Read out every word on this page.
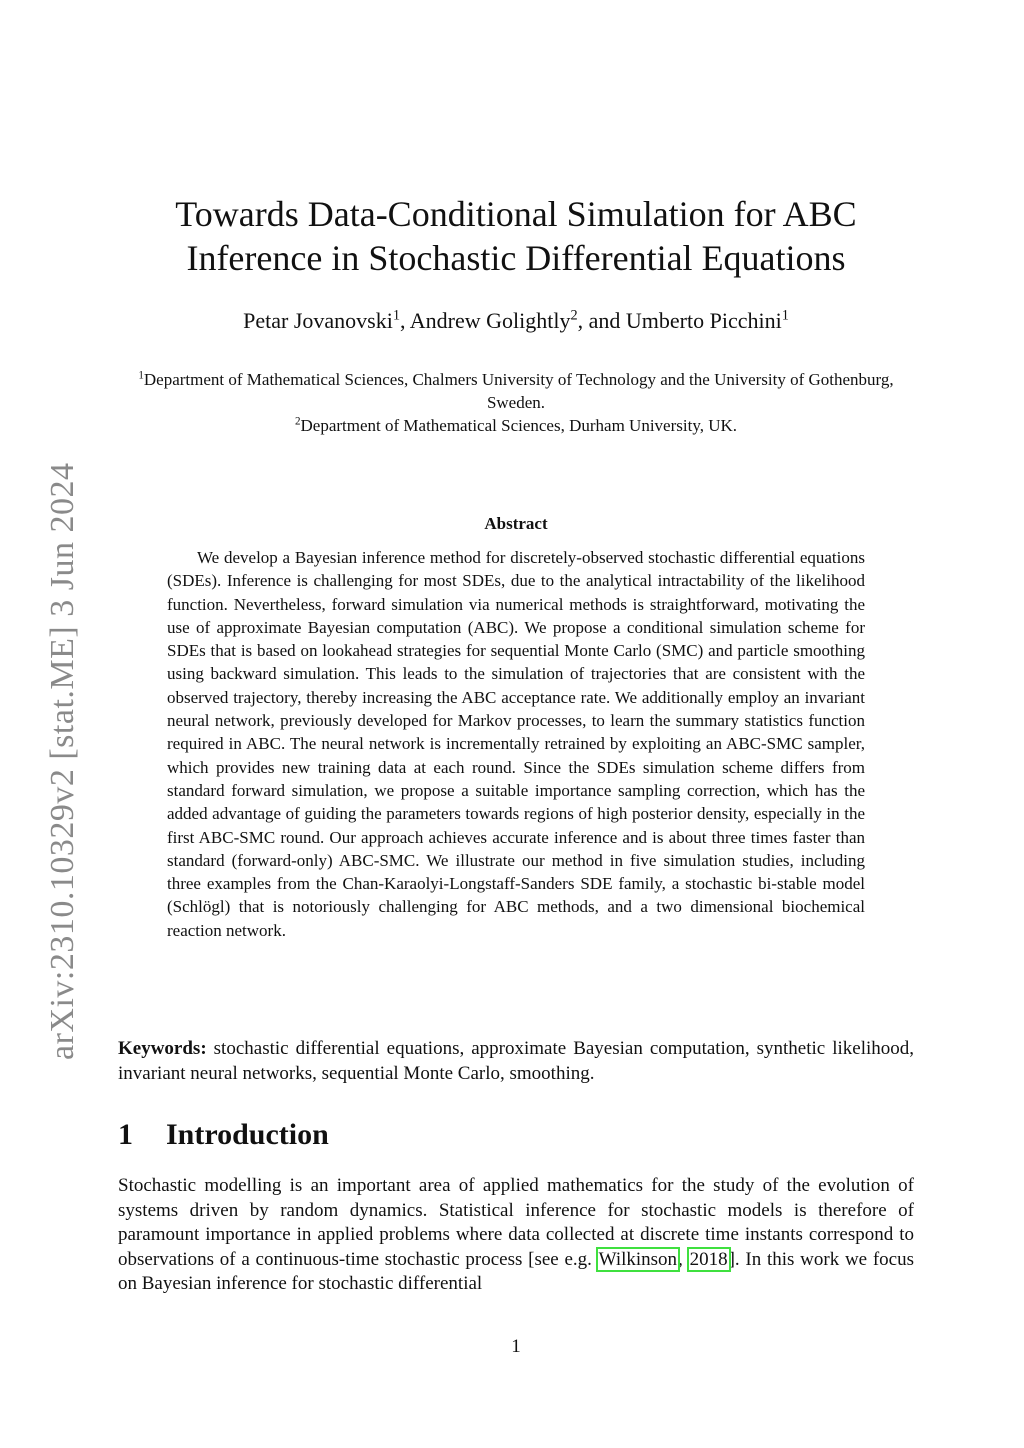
arXiv:2310.10329v2 [stat.ME] 3 Jun 2024
Towards Data-Conditional Simulation for ABC
Inference in Stochastic Differential Equations
Petar Jovanovski$^1$, Andrew Golightly$^2$, and Umberto Picchini$^1$
$^1$Department of Mathematical Sciences, Chalmers University of Technology and the University of Gothenburg, Sweden.
$^2$Department of Mathematical Sciences, Durham University, UK.
Abstract

We develop a Bayesian inference method for discretely-observed stochastic differential equations (SDEs). Inference is challenging for most SDEs, due to the analytical intractability of the likelihood function. Nevertheless, forward simulation via numerical methods is straightforward, motivating the use of approximate Bayesian computation (ABC). We propose a conditional simulation scheme for SDEs that is based on lookahead strategies for sequential Monte Carlo (SMC) and particle smoothing using backward simulation. This leads to the simulation of trajectories that are consistent with the observed trajectory, thereby increasing the ABC acceptance rate. We additionally employ an invariant neural network, previously developed for Markov processes, to learn the summary statistics function required in ABC. The neural network is incrementally retrained by exploiting an ABC-SMC sampler, which provides new training data at each round. Since the SDEs simulation scheme differs from standard forward simulation, we propose a suitable importance sampling correction, which has the added advantage of guiding the parameters towards regions of high posterior density, especially in the first ABC-SMC round. Our approach achieves accurate inference and is about three times faster than standard (forward-only) ABC-SMC. We illustrate our method in five simulation studies, including three examples from the Chan-Karaolyi-Longstaff-Sanders SDE family, a stochastic bi-stable model (Schlögl) that is notoriously challenging for ABC methods, and a two dimensional biochemical reaction network.

Keywords: stochastic differential equations, approximate Bayesian computation, synthetic likelihood, invariant neural networks, sequential Monte Carlo, smoothing.

1 Introduction

Stochastic modelling is an important area of applied mathematics for the study of the evolution of systems driven by random dynamics. Statistical inference for stochastic models is therefore of paramount importance in applied problems where data collected at discrete time instants correspond to observations of a continuous-time stochastic process [see e.g. Wilkinson, 2018]. In this work we focus on Bayesian inference for stochastic differential

1
